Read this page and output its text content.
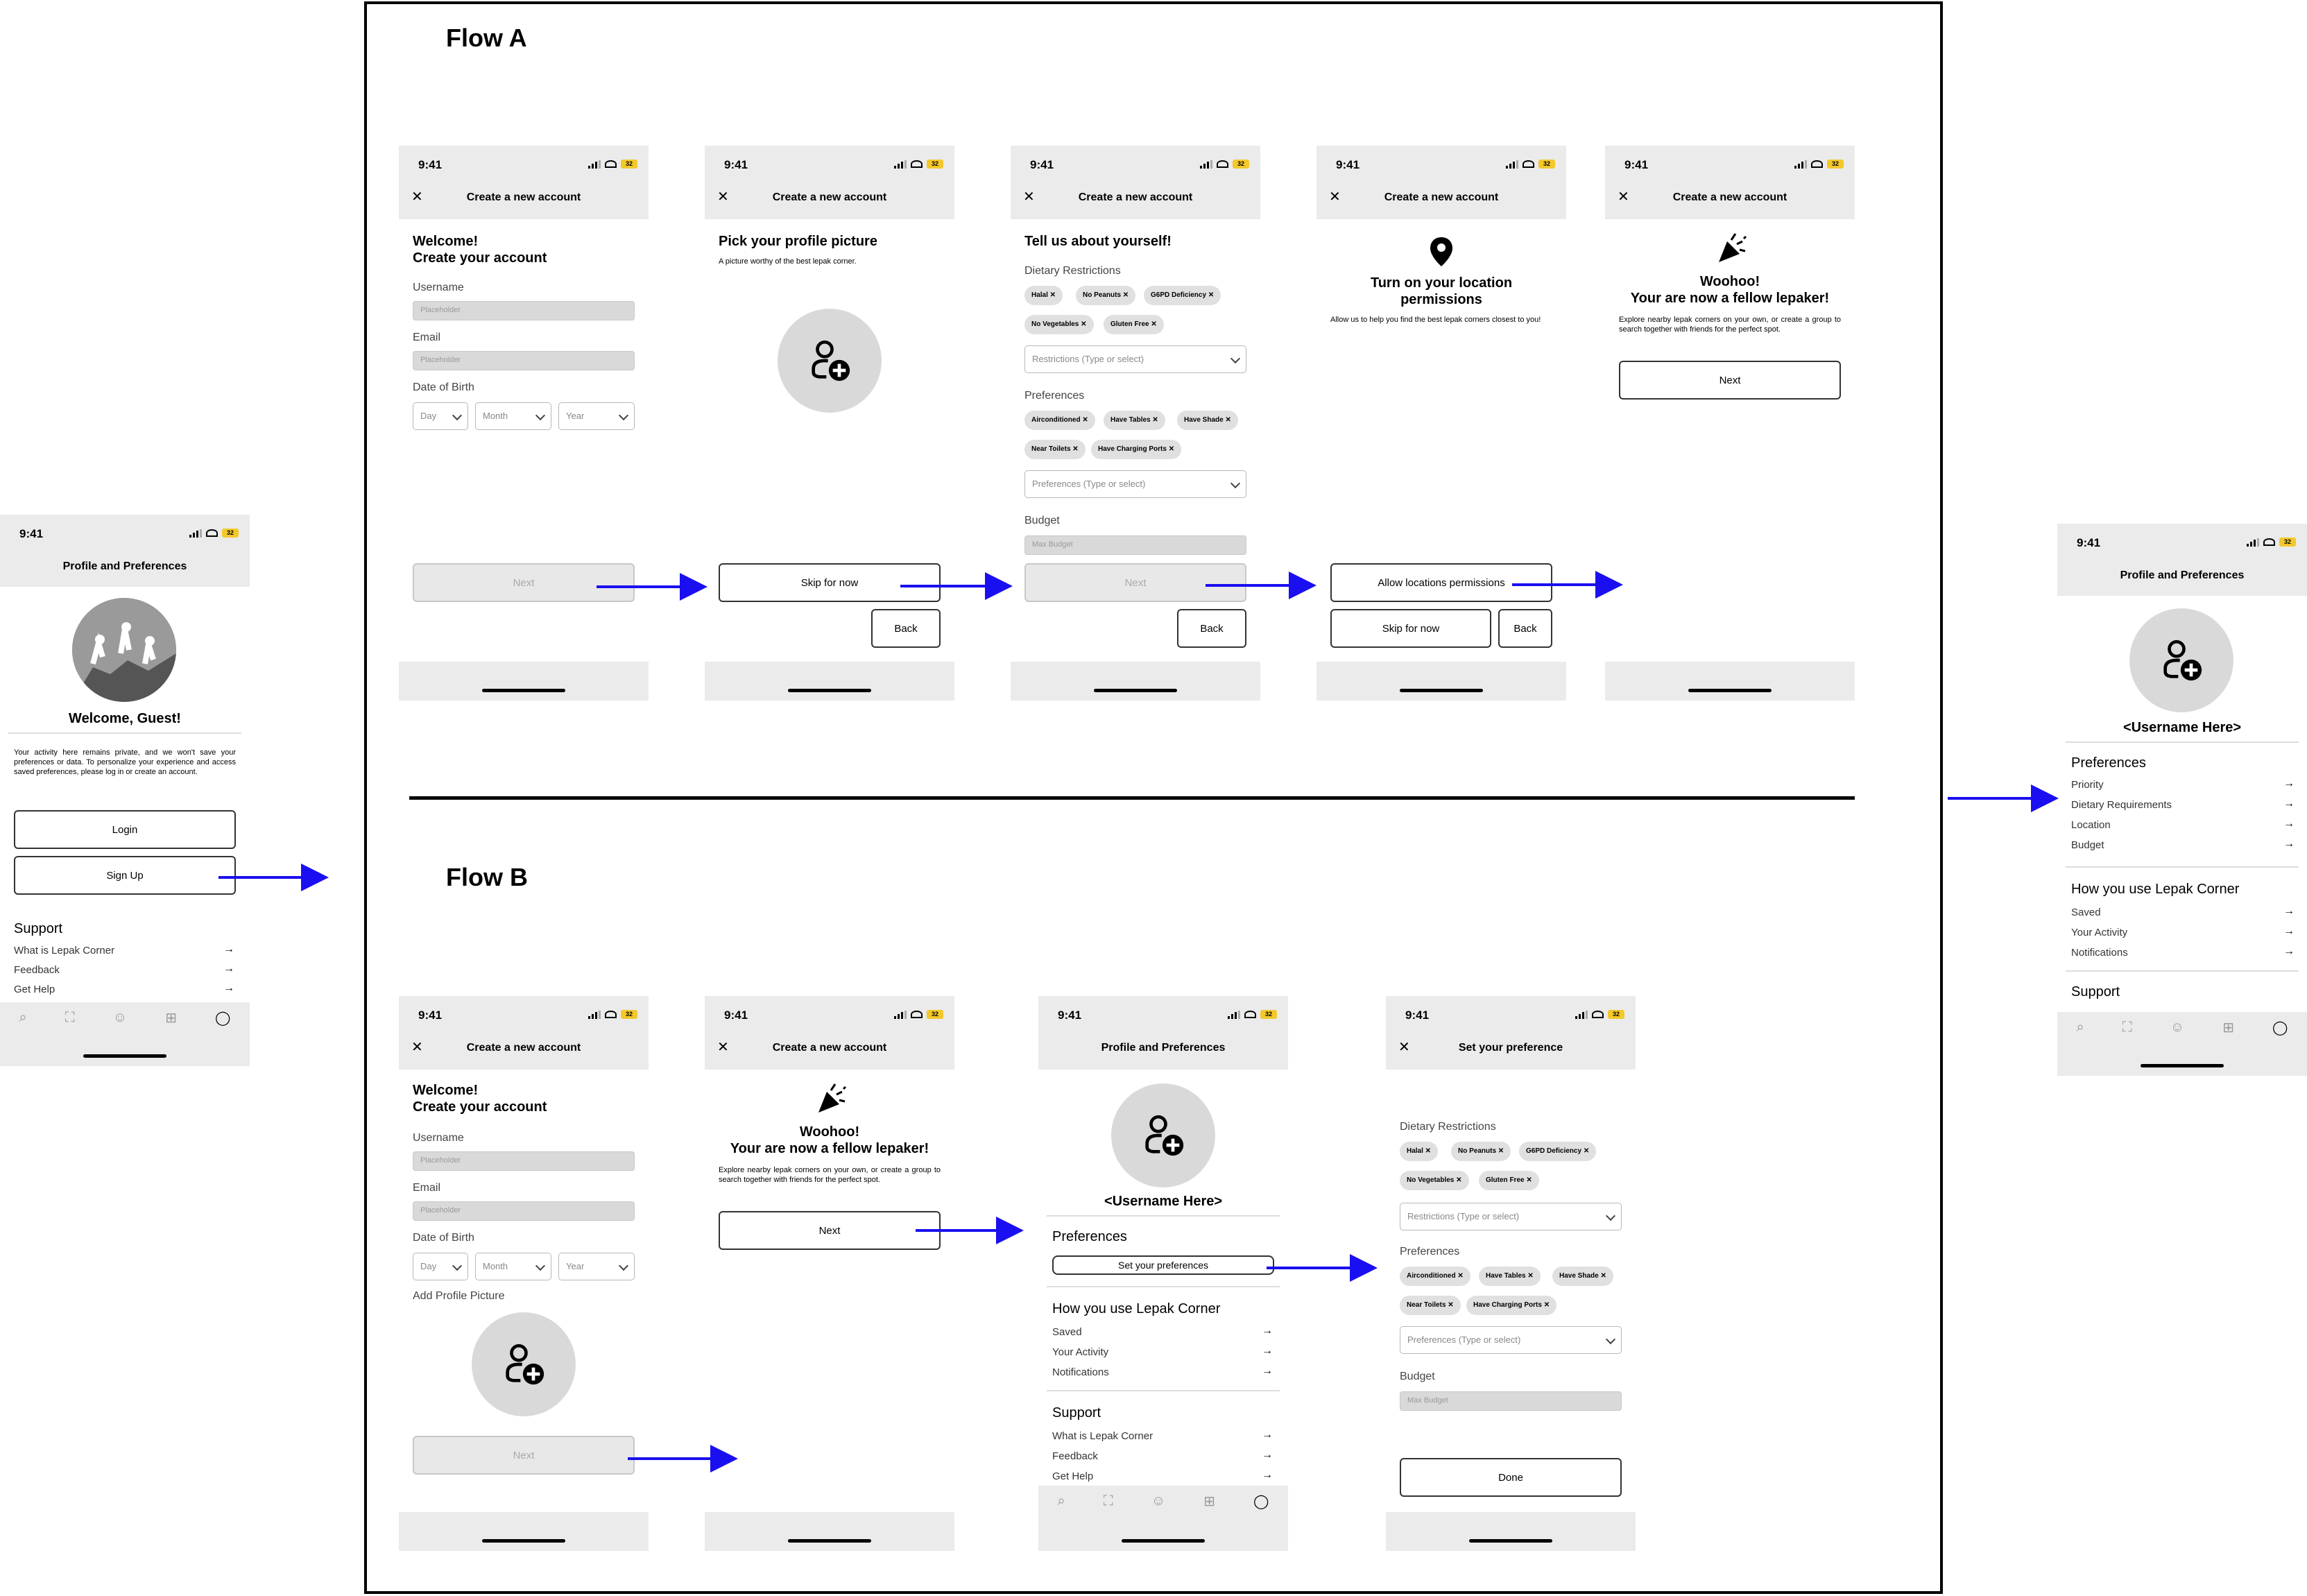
Flow A
Flow B
9:41	32
Profile and Preferences
Welcome, Guest!
Your activity here remains private, and we won't save your preferences or data. To personalize your experience and access saved preferences, please log in or create an account.
Login
Sign Up
Support
What is Lepak Corner	→
Feedback	→
Get Help	→
⌕	⛶	☺	⊞	◯
9:41	32
✕	Create a new account
Welcome!
Create your account
Username
Placeholder
Email
Placeholder
Date of Birth
Day	Month	Year
Next
9:41	32
✕	Create a new account
Pick your profile picture
A picture worthy of the best lepak corner.
Skip for now
Back
9:41	32
✕	Create a new account
Tell us about yourself!
Dietary Restrictions
Halal ✕	No Peanuts ✕	G6PD Deficiency ✕
No Vegetables ✕	Gluten Free ✕
Restrictions (Type or select)
Preferences
Airconditioned ✕	Have Tables ✕	Have Shade ✕
Near Toilets ✕	Have Charging Ports ✕
Preferences (Type or select)
Budget
Max Budget
Next
Back
9:41	32
✕	Create a new account
Turn on your location permissions
Allow us to help you find the best lepak corners closest to you!
Allow locations permissions
Skip for now	Back
9:41	32
✕	Create a new account
Woohoo!
Your are now a fellow lepaker!
Explore nearby lepak corners on your own, or create a group to search together with friends for the perfect spot.
Next
9:41	32
✕	Create a new account
Welcome!
Create your account
Username
Placeholder
Email
Placeholder
Date of Birth
Day	Month	Year
Add Profile Picture
Next
9:41	32
✕	Create a new account
Woohoo!
Your are now a fellow lepaker!
Explore nearby lepak corners on your own, or create a group to search together with friends for the perfect spot.
Next
9:41	32
Profile and Preferences
<Username Here>
Preferences
Set your preferences
How you use Lepak Corner
Saved	→
Your Activity	→
Notifications	→
Support
What is Lepak Corner	→
Feedback	→
Get Help	→
⌕	⛶	☺	⊞	◯
9:41	32
✕	Set your preference
Dietary Restrictions
Halal ✕	No Peanuts ✕	G6PD Deficiency ✕
No Vegetables ✕	Gluten Free ✕
Restrictions (Type or select)
Preferences
Airconditioned ✕	Have Tables ✕	Have Shade ✕
Near Toilets ✕	Have Charging Ports ✕
Preferences (Type or select)
Budget
Max Budget
Done
9:41	32
Profile and Preferences
<Username Here>
Preferences
Priority	→
Dietary Requirements	→
Location	→
Budget	→
How you use Lepak Corner
Saved	→
Your Activity	→
Notifications	→
Support
⌕	⛶	☺	⊞	◯
